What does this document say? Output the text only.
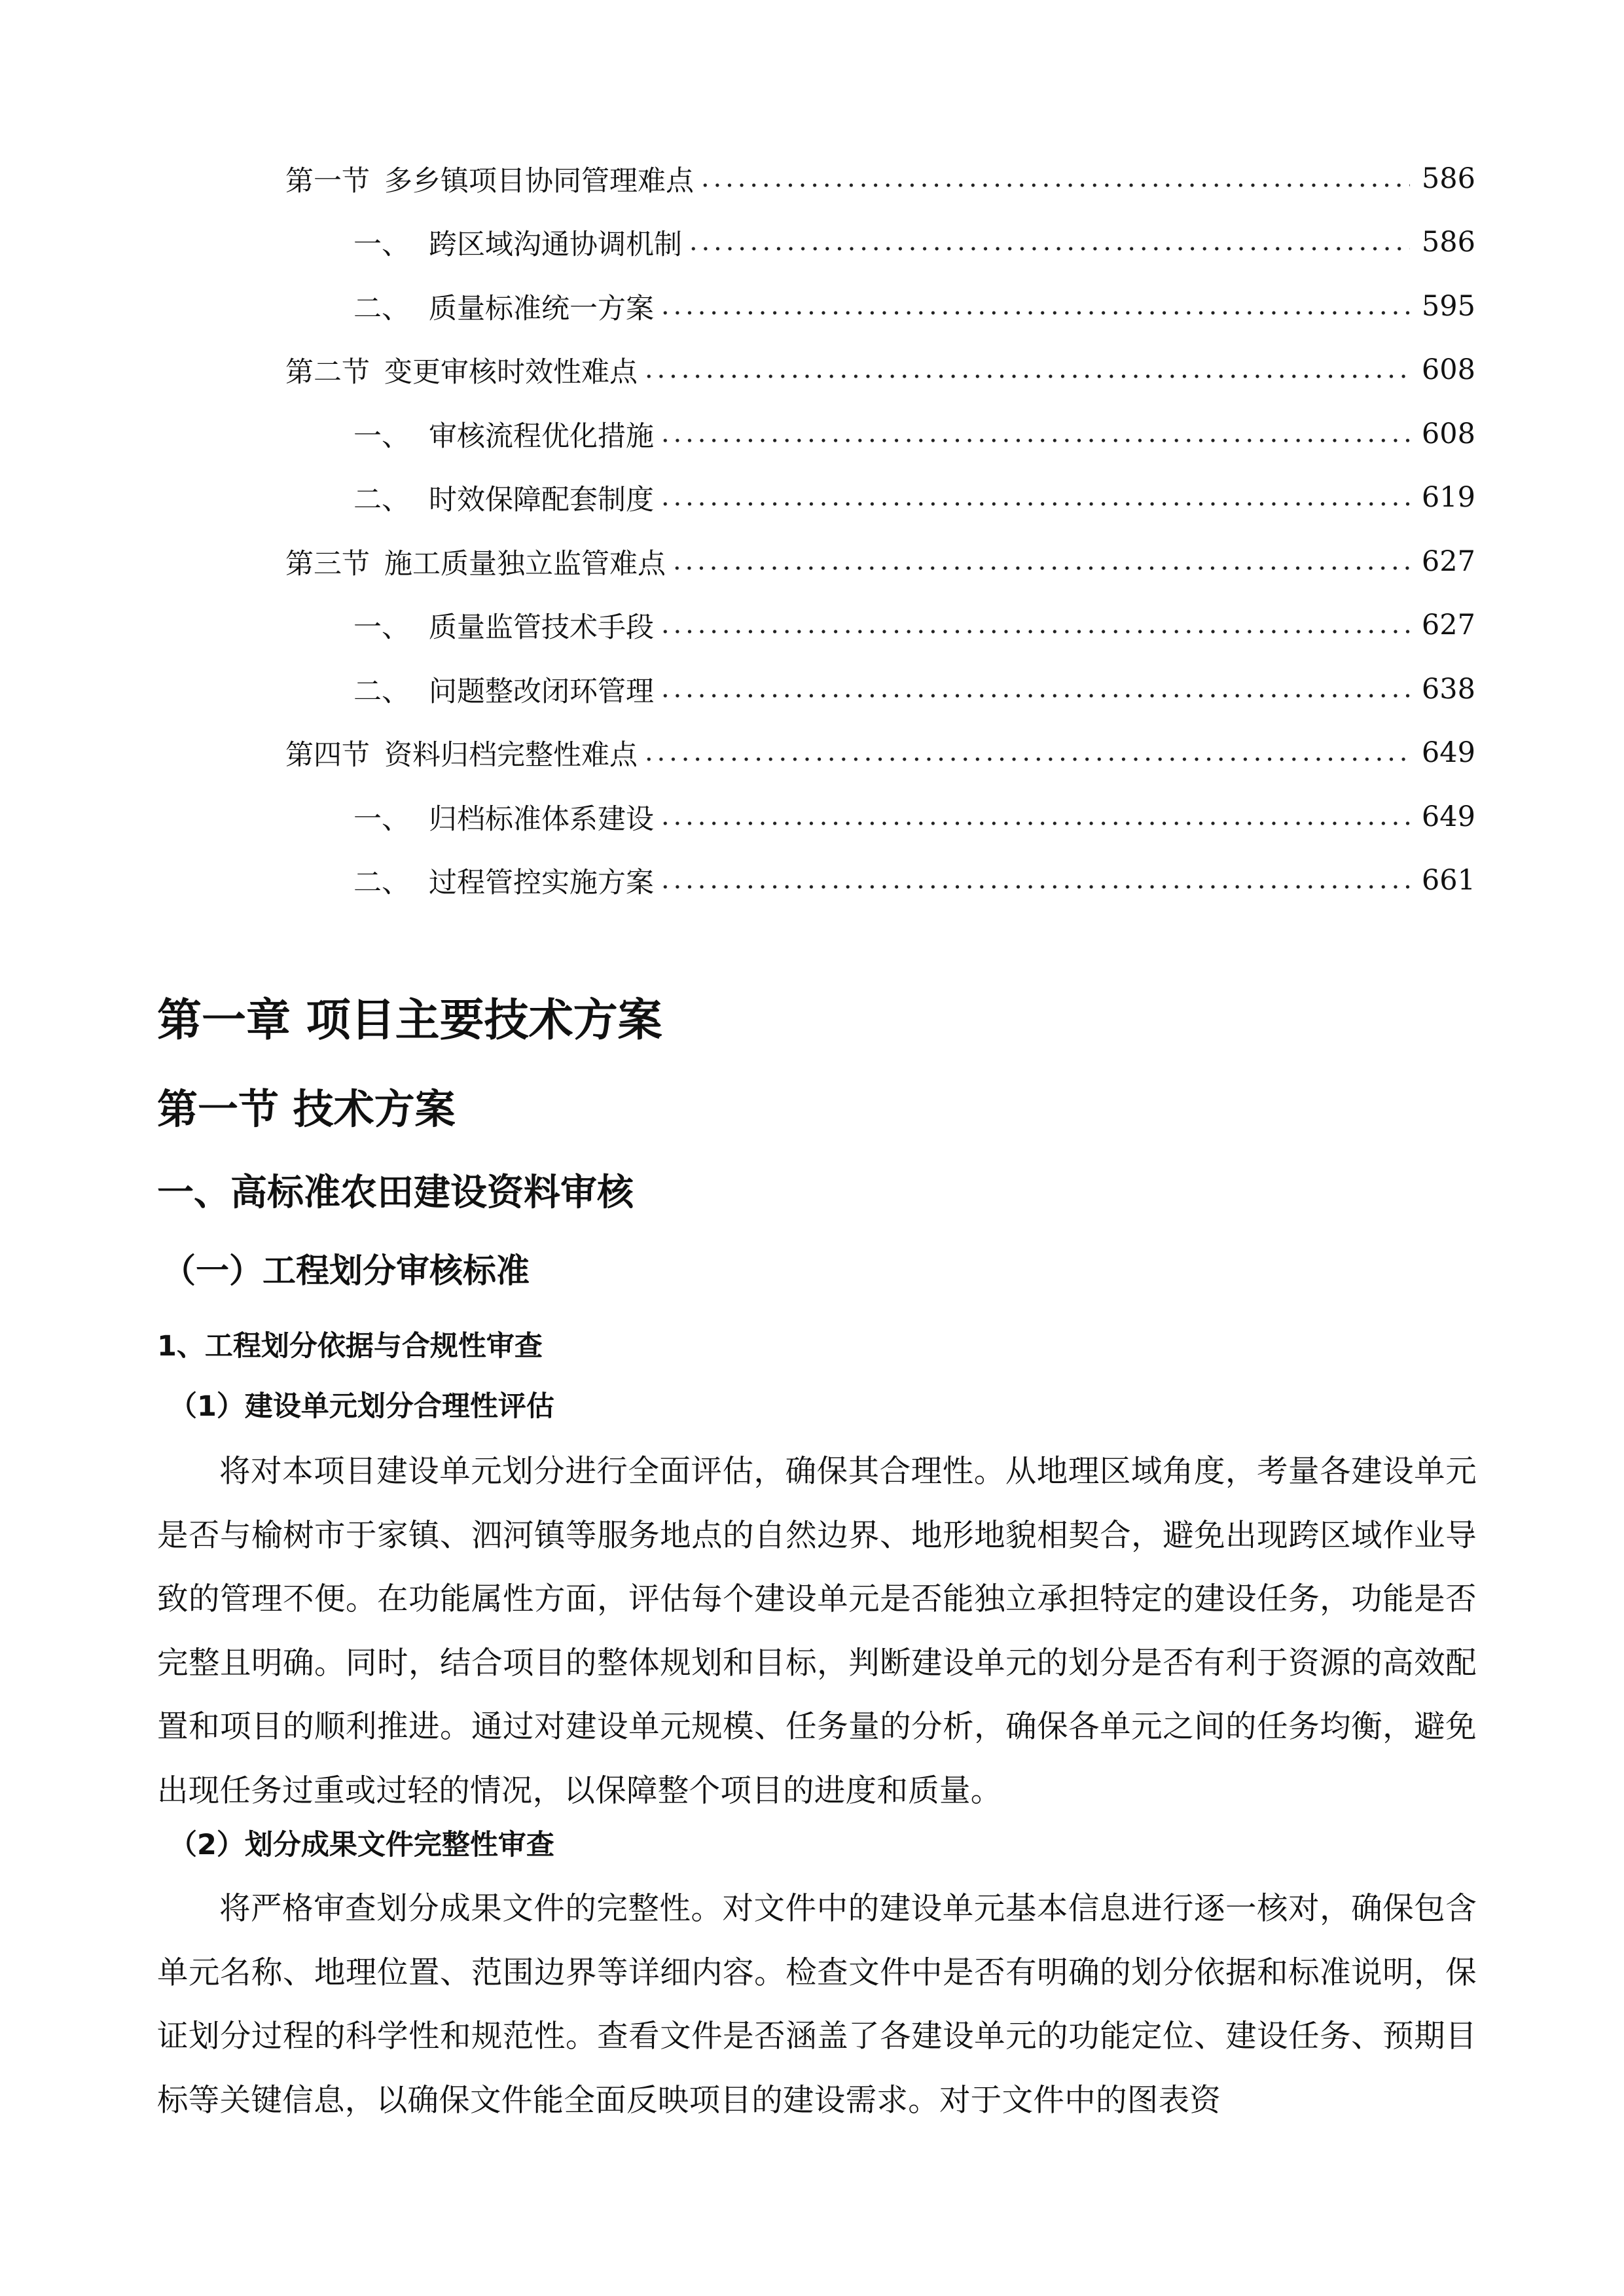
第一节 多乡镇项目协同管理难点	586
一、 跨区域沟通协调机制	586
二、 质量标准统一方案	595
第二节 变更审核时效性难点	608
一、 审核流程优化措施	608
二、 时效保障配套制度	619
第三节 施工质量独立监管难点	627
一、 质量监管技术手段	627
二、 问题整改闭环管理	638
第四节 资料归档完整性难点	649
一、 归档标准体系建设	649
二、 过程管控实施方案	661
第一章 项目主要技术方案
第一节 技术方案
一、高标准农田建设资料审核
（一）工程划分审核标准
1、工程划分依据与合规性审查
（1）建设单元划分合理性评估

将对本项目建设单元划分进行全面评估，确保其合理性。从地理区域角度，考量各建设单元是否与榆树市于家镇、泗河镇等服务地点的自然边界、地形地貌相契合，避免出现跨区域作业导致的管理不便。在功能属性方面，评估每个建设单元是否能独立承担特定的建设任务，功能是否完整且明确。同时，结合项目的整体规划和目标，判断建设单元的划分是否有利于资源的高效配置和项目的顺利推进。通过对建设单元规模、任务量的分析，确保各单元之间的任务均衡，避免出现任务过重或过轻的情况，以保障整个项目的进度和质量。

（2）划分成果文件完整性审查

将严格审查划分成果文件的完整性。对文件中的建设单元基本信息进行逐一核对，确保包含单元名称、地理位置、范围边界等详细内容。检查文件中是否有明确的划分依据和标准说明，保证划分过程的科学性和规范性。查看文件是否涵盖了各建设单元的功能定位、建设任务、预期目标等关键信息，以确保文件能全面反映项目的建设需求。对于文件中的图表资
